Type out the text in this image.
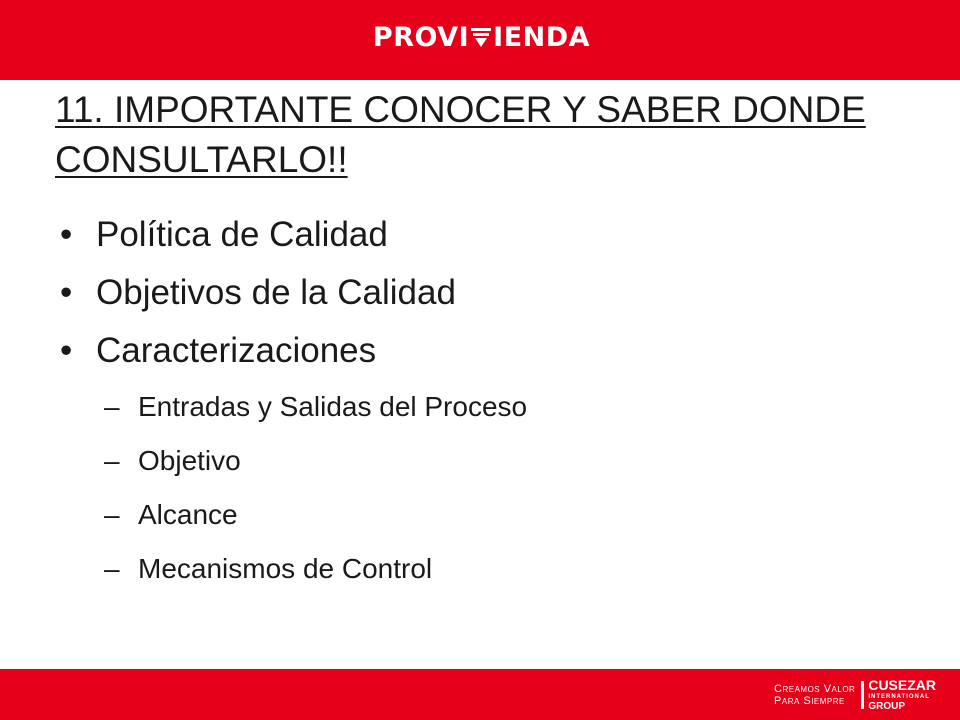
PROVI IENDA
11. IMPORTANTE CONOCER Y SABER DONDE CONSULTARLO!!
• Política de Calidad
• Objetivos de la Calidad
• Caracterizaciones
– Entradas y Salidas del Proceso
– Objetivo
– Alcance
– Mecanismos de Control
Creamos Valor
Para Siempre
CUSEZAR
INTERNATIONAL
GROUP
